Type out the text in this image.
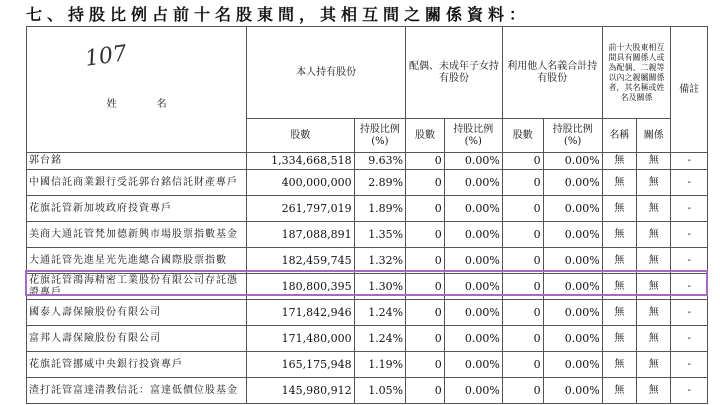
七、持股比例占前十名股東間，其相互間之關係資料：
107
姓　　　　名	本人持有股份		配偶、未成年子女持有股份		利用他人名義合計持有股份		前十大股東相互間具有關係人或為配偶、二親等以內之親屬關係者，其名稱或姓名及關係		備註
	股數	持股比例(%)	股數	持股比例(%)	股數	持股比例(%)	名稱	關係	
郭台銘	1,334,668,518	9.63%	0	0.00%	0	0.00%	無	無	-
中國信託商業銀行受託郭台銘信託財產專戶	400,000,000	2.89%	0	0.00%	0	0.00%	無	無	-
花旗託管新加坡政府投資專戶	261,797,019	1.89%	0	0.00%	0	0.00%	無	無	-
美商大通託管梵加德新興市場股票指數基金	187,088,891	1.35%	0	0.00%	0	0.00%	無	無	-
大通託管先進星光先進總合國際股票指數	182,459,745	1.32%	0	0.00%	0	0.00%	無	無	-
花旗託管鴻海精密工業股份有限公司存託憑證專戶	180,800,395	1.30%	0	0.00%	0	0.00%	無	無	-
國泰人壽保險股份有限公司	171,842,946	1.24%	0	0.00%	0	0.00%	無	無	-
富邦人壽保險股份有限公司	171,480,000	1.24%	0	0.00%	0	0.00%	無	無	-
花旗託管挪威中央銀行投資專戶	165,175,948	1.19%	0	0.00%	0	0.00%	無	無	-
渣打託管富達清教信託：富達低價位股基金	145,980,912	1.05%	0	0.00%	0	0.00%	無	無	-
